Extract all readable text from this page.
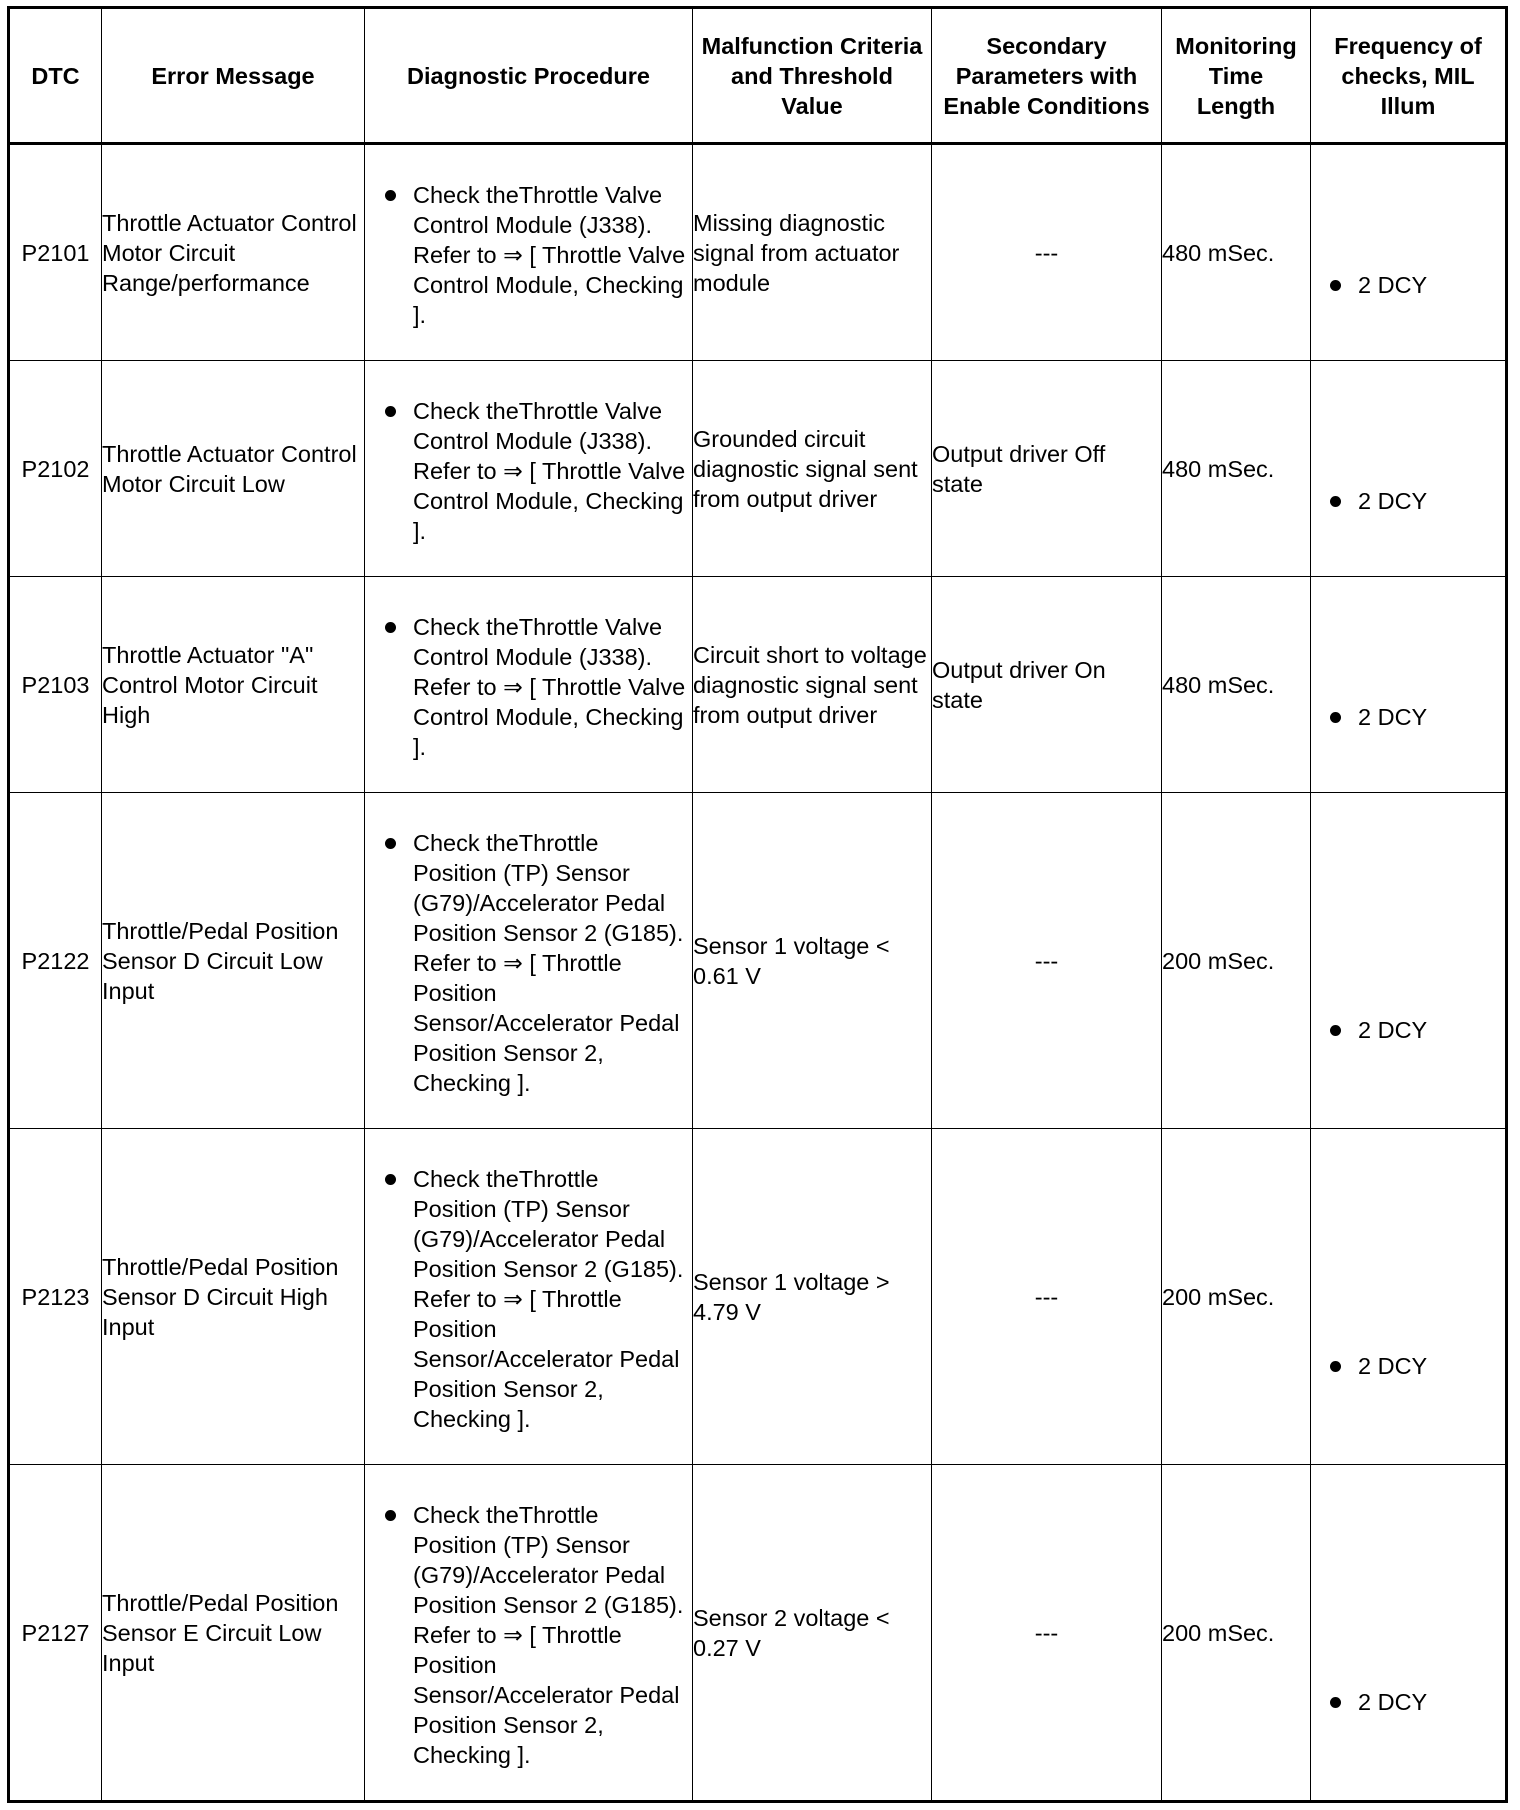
DTC	Error Message	Diagnostic Procedure	Malfunction Criteria and Threshold Value	Secondary Parameters with Enable Conditions	Monitoring Time Length	Frequency of checks, MIL Illum
P2101	Throttle Actuator Control Motor Circuit Range/performance	Check theThrottle Valve Control Module (J338). Refer to ⇒ [ Throttle Valve Control Module, Checking ].	Missing diagnostic signal from actuator module	---	480 mSec.	2 DCY

P2102	Throttle Actuator Control Motor Circuit Low	Check theThrottle Valve Control Module (J338). Refer to ⇒ [ Throttle Valve Control Module, Checking ].	Grounded circuit diagnostic signal sent from output driver	Output driver Off state	480 mSec.	2 DCY

P2103	Throttle Actuator "A" Control Motor Circuit High	Check theThrottle Valve Control Module (J338). Refer to ⇒ [ Throttle Valve Control Module, Checking ].	Circuit short to voltage diagnostic signal sent from output driver	Output driver On state	480 mSec.	2 DCY

P2122	Throttle/Pedal Position Sensor D Circuit Low Input	Check theThrottle Position (TP) Sensor (G79)/Accelerator Pedal Position Sensor 2 (G185). Refer to ⇒ [ Throttle Position Sensor/Accelerator Pedal Position Sensor 2, Checking ].	Sensor 1 voltage < 0.61 V	---	200 mSec.	2 DCY

P2123	Throttle/Pedal Position Sensor D Circuit High Input	Check theThrottle Position (TP) Sensor (G79)/Accelerator Pedal Position Sensor 2 (G185). Refer to ⇒ [ Throttle Position Sensor/Accelerator Pedal Position Sensor 2, Checking ].	Sensor 1 voltage > 4.79 V	---	200 mSec.	2 DCY

P2127	Throttle/Pedal Position Sensor E Circuit Low Input	Check theThrottle Position (TP) Sensor (G79)/Accelerator Pedal Position Sensor 2 (G185). Refer to ⇒ [ Throttle Position Sensor/Accelerator Pedal Position Sensor 2, Checking ].	Sensor 2 voltage < 0.27 V	---	200 mSec.	2 DCY
